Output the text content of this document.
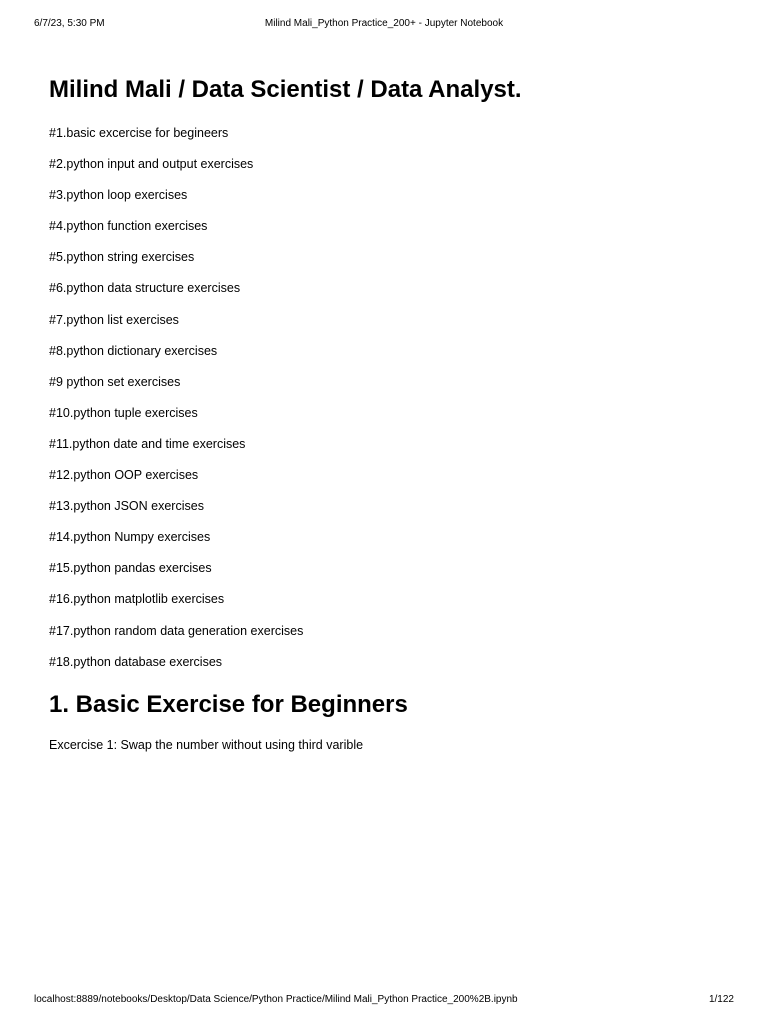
6/7/23, 5:30 PM	Milind Mali_Python Practice_200+ - Jupyter Notebook
Milind Mali / Data Scientist / Data Analyst.
#1.basic excercise for begineers
#2.python input and output exercises
#3.python loop exercises
#4.python function exercises
#5.python string exercises
#6.python data structure exercises
#7.python list exercises
#8.python dictionary exercises
#9 python set exercises
#10.python tuple exercises
#11.python date and time exercises
#12.python OOP exercises
#13.python JSON exercises
#14.python Numpy exercises
#15.python pandas exercises
#16.python matplotlib exercises
#17.python random data generation exercises
#18.python database exercises
1. Basic Exercise for Beginners

Excercise 1: Swap the number without using third varible

localhost:8889/notebooks/Desktop/Data Science/Python Practice/Milind Mali_Python Practice_200%2B.ipynb	1/122
